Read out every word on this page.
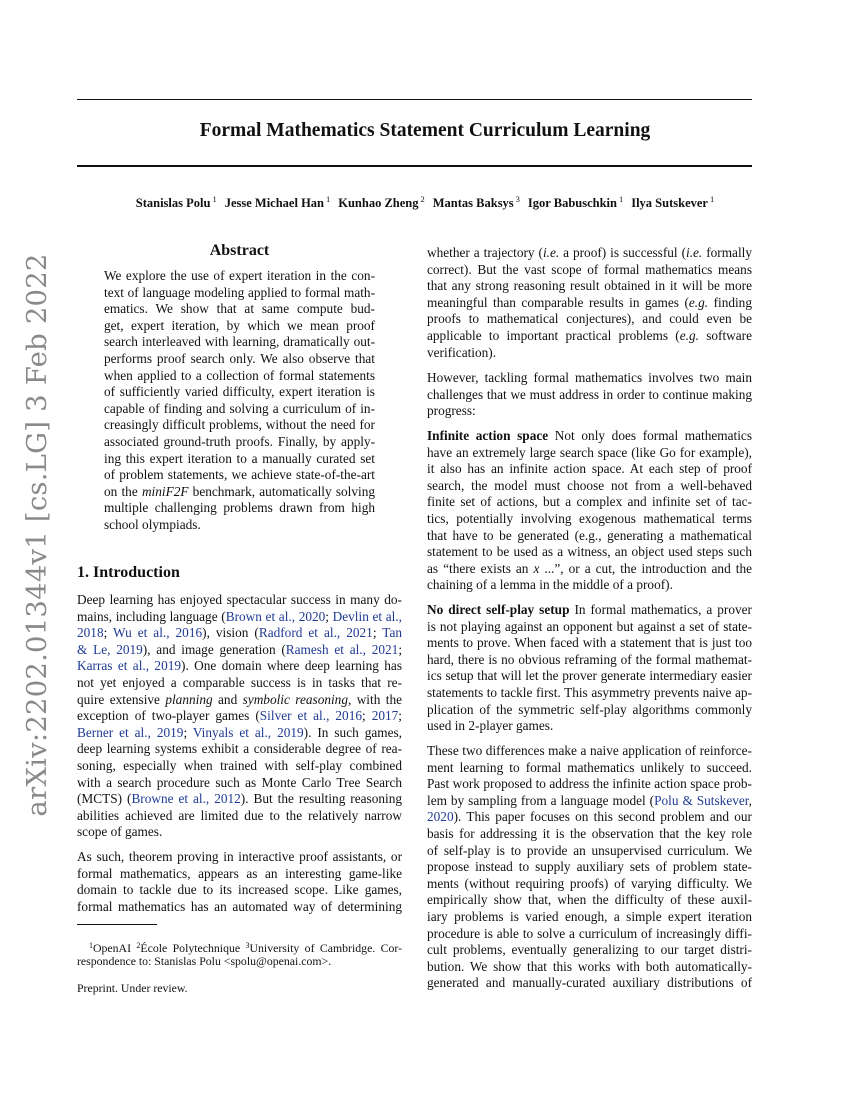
arXiv:2202.01344v1 [cs.LG] 3 Feb 2022
Formal Mathematics Statement Curriculum Learning
Stanislas Polu $^1$ Jesse Michael Han $^1$ Kunhao Zheng $^2$ Mantas Baksys $^3$ Igor Babuschkin $^1$ Ilya Sutskever $^1$
Abstract
We explore the use of expert iteration in the con-
text of language modeling applied to formal math-
ematics. We show that at same compute bud-
get, expert iteration, by which we mean proof
search interleaved with learning, dramatically out-
performs proof search only. We also observe that
when applied to a collection of formal statements
of sufficiently varied difficulty, expert iteration is
capable of finding and solving a curriculum of in-
creasingly difficult problems, without the need for
associated ground-truth proofs. Finally, by apply-
ing this expert iteration to a manually curated set
of problem statements, we achieve state-of-the-art
on the miniF2F benchmark, automatically solving
multiple challenging problems drawn from high
school olympiads.
1. Introduction
Deep learning has enjoyed spectacular success in many do-
mains, including language (Brown et al., 2020; Devlin et al.,
2018; Wu et al., 2016), vision (Radford et al., 2021; Tan
& Le, 2019), and image generation (Ramesh et al., 2021;
Karras et al., 2019). One domain where deep learning has
not yet enjoyed a comparable success is in tasks that re-
quire extensive planning and symbolic reasoning, with the
exception of two-player games (Silver et al., 2016; 2017;
Berner et al., 2019; Vinyals et al., 2019). In such games,
deep learning systems exhibit a considerable degree of rea-
soning, especially when trained with self-play combined
with a search procedure such as Monte Carlo Tree Search
(MCTS) (Browne et al., 2012). But the resulting reasoning
abilities achieved are limited due to the relatively narrow
scope of games.
As such, theorem proving in interactive proof assistants, or
formal mathematics, appears as an interesting game-like
domain to tackle due to its increased scope. Like games,
formal mathematics has an automated way of determining
whether a trajectory (i.e. a proof) is successful (i.e. formally
correct). But the vast scope of formal mathematics means
that any strong reasoning result obtained in it will be more
meaningful than comparable results in games (e.g. finding
proofs to mathematical conjectures), and could even be
applicable to important practical problems (e.g. software
verification).
However, tackling formal mathematics involves two main
challenges that we must address in order to continue making
progress:
Infinite action space Not only does formal mathematics
have an extremely large search space (like Go for example),
it also has an infinite action space. At each step of proof
search, the model must choose not from a well-behaved
finite set of actions, but a complex and infinite set of tac-
tics, potentially involving exogenous mathematical terms
that have to be generated (e.g., generating a mathematical
statement to be used as a witness, an object used steps such
as “there exists an x ...”, or a cut, the introduction and the
chaining of a lemma in the middle of a proof).
No direct self-play setup In formal mathematics, a prover
is not playing against an opponent but against a set of state-
ments to prove. When faced with a statement that is just too
hard, there is no obvious reframing of the formal mathemat-
ics setup that will let the prover generate intermediary easier
statements to tackle first. This asymmetry prevents naive ap-
plication of the symmetric self-play algorithms commonly
used in 2-player games.
These two differences make a naive application of reinforce-
ment learning to formal mathematics unlikely to succeed.
Past work proposed to address the infinite action space prob-
lem by sampling from a language model (Polu & Sutskever,
2020). This paper focuses on this second problem and our
basis for addressing it is the observation that the key role
of self-play is to provide an unsupervised curriculum. We
propose instead to supply auxiliary sets of problem state-
ments (without requiring proofs) of varying difficulty. We
empirically show that, when the difficulty of these auxil-
iary problems is varied enough, a simple expert iteration
procedure is able to solve a curriculum of increasingly diffi-
cult problems, eventually generalizing to our target distri-
bution. We show that this works with both automatically-
generated and manually-curated auxiliary distributions of
$^1$OpenAI $^2$École Polytechnique $^3$University of Cambridge. Cor-
respondence to: Stanislas Polu <spolu@openai.com>.
Preprint. Under review.
